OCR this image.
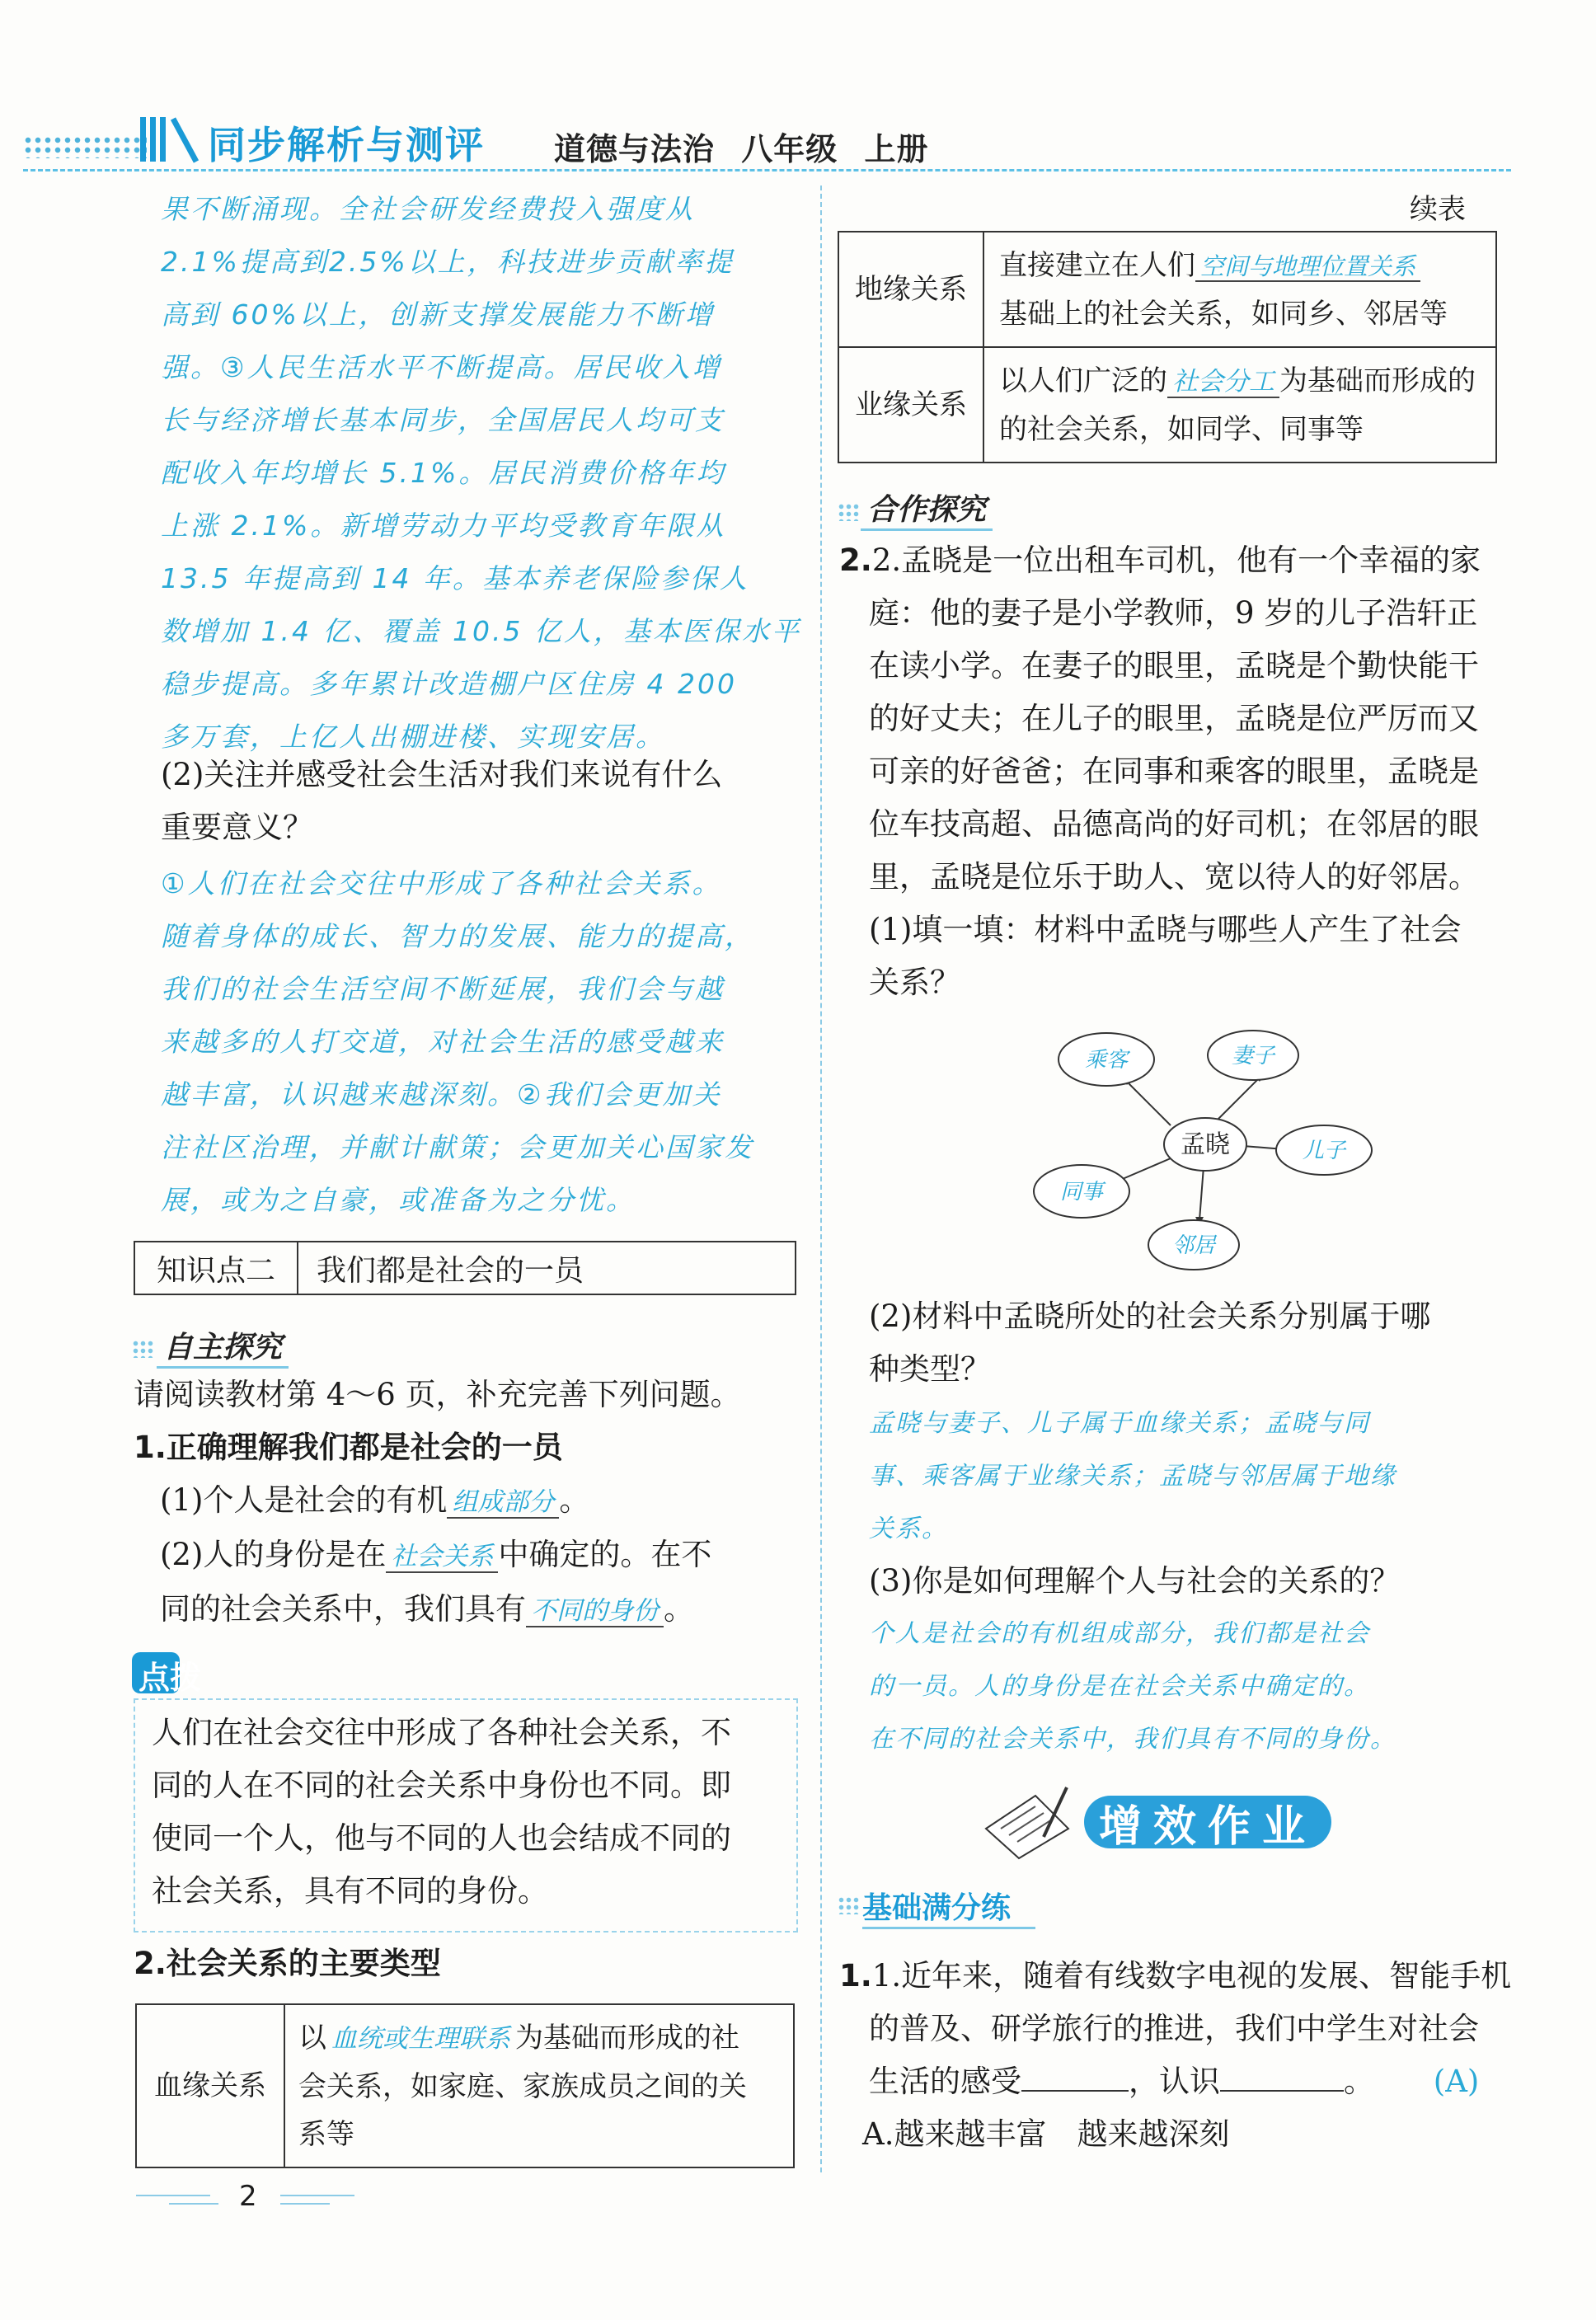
同步解析与测评 道德与法治 八年级 上册

果不断涌现。全社会研发经费投入强度从

2.1%提高到2.5%以上，科技进步贡献率提

高到 60%以上，创新支撑发展能力不断增

强。③人民生活水平不断提高。居民收入增

长与经济增长基本同步，全国居民人均可支

配收入年均增长 5.1%。居民消费价格年均

上涨 2.1%。新增劳动力平均受教育年限从

13.5 年提高到 14 年。基本养老保险参保人

数增加 1.4 亿、覆盖 10.5 亿人，基本医保水平

稳步提高。多年累计改造棚户区住房 4 200

多万套，上亿人出棚进楼、实现安居。

(2)关注并感受社会生活对我们来说有什么

重要意义？

①人们在社会交往中形成了各种社会关系。

随着身体的成长、智力的发展、能力的提高，

我们的社会生活空间不断延展，我们会与越

来越多的人打交道，对社会生活的感受越来

越丰富，认识越来越深刻。②我们会更加关

注社区治理，并献计献策；会更加关心国家发

展，或为之自豪，或准备为之分忧。

知识点二	我们都是社会的一员
自主探究

请阅读教材第 4～6 页，补充完善下列问题。

1.正确理解我们都是社会的一员

(1)个人是社会的有机 组成部分 。

(2)人的身份是在 社会关系 中确定的。在不

同的社会关系中，我们具有 不同的身份 。

点拨

人们在社会交往中形成了各种社会关系，不

同的人在不同的社会关系中身份也不同。即

使同一个人，他与不同的人也会结成不同的

社会关系，具有不同的身份。

2.社会关系的主要类型
血缘关系	
以 血统或生理联系 为基础而形成的社
会关系，如家庭、家族成员之间的关
系等
续表
地缘关系	直接建立在人们 空间与地理位置关系
基础上的社会关系，如同乡、邻居等

业缘关系	以人们广泛的 社会分工 为基础而形成的
的社会关系，如同学、同事等
合作探究

2.2.孟晓是一位出租车司机，他有一个幸福的家

庭：他的妻子是小学教师，9 岁的儿子浩轩正

在读小学。在妻子的眼里，孟晓是个勤快能干

的好丈夫；在儿子的眼里，孟晓是位严厉而又

可亲的好爸爸；在同事和乘客的眼里，孟晓是

位车技高超、品德高尚的好司机；在邻居的眼

里，孟晓是位乐于助人、宽以待人的好邻居。

(1)填一填：材料中孟晓与哪些人产生了社会

关系？

乘客	妻子
儿子
同事
邻居
孟晓

(2)材料中孟晓所处的社会关系分别属于哪

种类型？

孟晓与妻子、儿子属于血缘关系；孟晓与同

事、乘客属于业缘关系；孟晓与邻居属于地缘

关系。

(3)你是如何理解个人与社会的关系的？

个人是社会的有机组成部分，我们都是社会

的一员。人的身份是在社会关系中确定的。

在不同的社会关系中，我们具有不同的身份。

增效作业
基础满分练

1.1.近年来，随着有线数字电视的发展、智能手机

的普及、研学旅行的推进，我们中学生对社会

生活的感受	，认识	。 (A)

A.越来越丰富　越来越深刻

2
